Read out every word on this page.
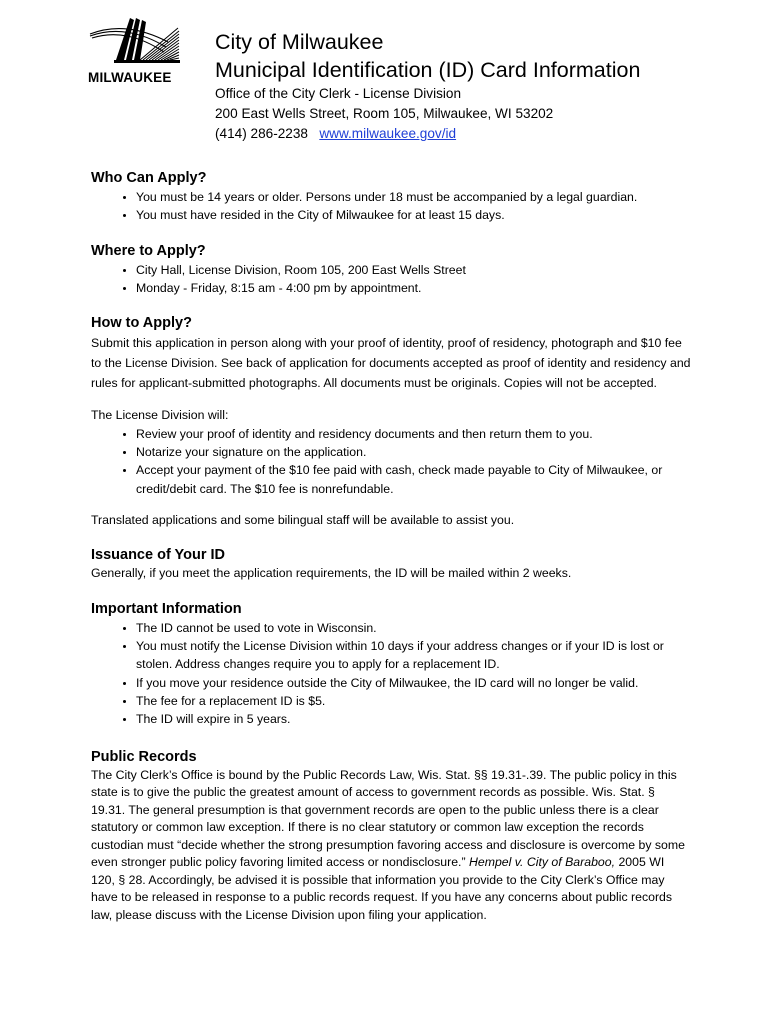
MILWAUKEE
City of Milwaukee
Municipal Identification (ID) Card Information
Office of the City Clerk - License Division
200 East Wells Street, Room 105, Milwaukee, WI 53202
(414) 286-2238 www.milwaukee.gov/id
Who Can Apply?
• You must be 14 years or older. Persons under 18 must be accompanied by a legal guardian.
• You must have resided in the City of Milwaukee for at least 15 days.
Where to Apply?
• City Hall, License Division, Room 105, 200 East Wells Street
• Monday - Friday, 8:15 am - 4:00 pm by appointment.
How to Apply?

Submit this application in person along with your proof of identity, proof of residency, photograph and $10 fee to the License Division. See back of application for documents accepted as proof of identity and residency and rules for applicant-submitted photographs. All documents must be originals. Copies will not be accepted.

The License Division will:

• Review your proof of identity and residency documents and then return them to you.
• Notarize your signature on the application.
• Accept your payment of the $10 fee paid with cash, check made payable to City of Milwaukee, or credit/debit card. The $10 fee is nonrefundable.

Translated applications and some bilingual staff will be available to assist you.

Issuance of Your ID

Generally, if you meet the application requirements, the ID will be mailed within 2 weeks.

Important Information
• The ID cannot be used to vote in Wisconsin.
• You must notify the License Division within 10 days if your address changes or if your ID is lost or stolen. Address changes require you to apply for a replacement ID.
• If you move your residence outside the City of Milwaukee, the ID card will no longer be valid.
• The fee for a replacement ID is $5.
• The ID will expire in 5 years.
Public Records

The City Clerk’s Office is bound by the Public Records Law, Wis. Stat. §§ 19.31-.39. The public policy in this state is to give the public the greatest amount of access to government records as possible. Wis. Stat. § 19.31. The general presumption is that government records are open to the public unless there is a clear statutory or common law exception. If there is no clear statutory or common law exception the records custodian must “decide whether the strong presumption favoring access and disclosure is overcome by some even stronger public policy favoring limited access or nondisclosure.” Hempel v. City of Baraboo, 2005 WI 120, § 28. Accordingly, be advised it is possible that information you provide to the City Clerk’s Office may have to be released in response to a public records request. If you have any concerns about public records law, please discuss with the License Division upon filing your application.
